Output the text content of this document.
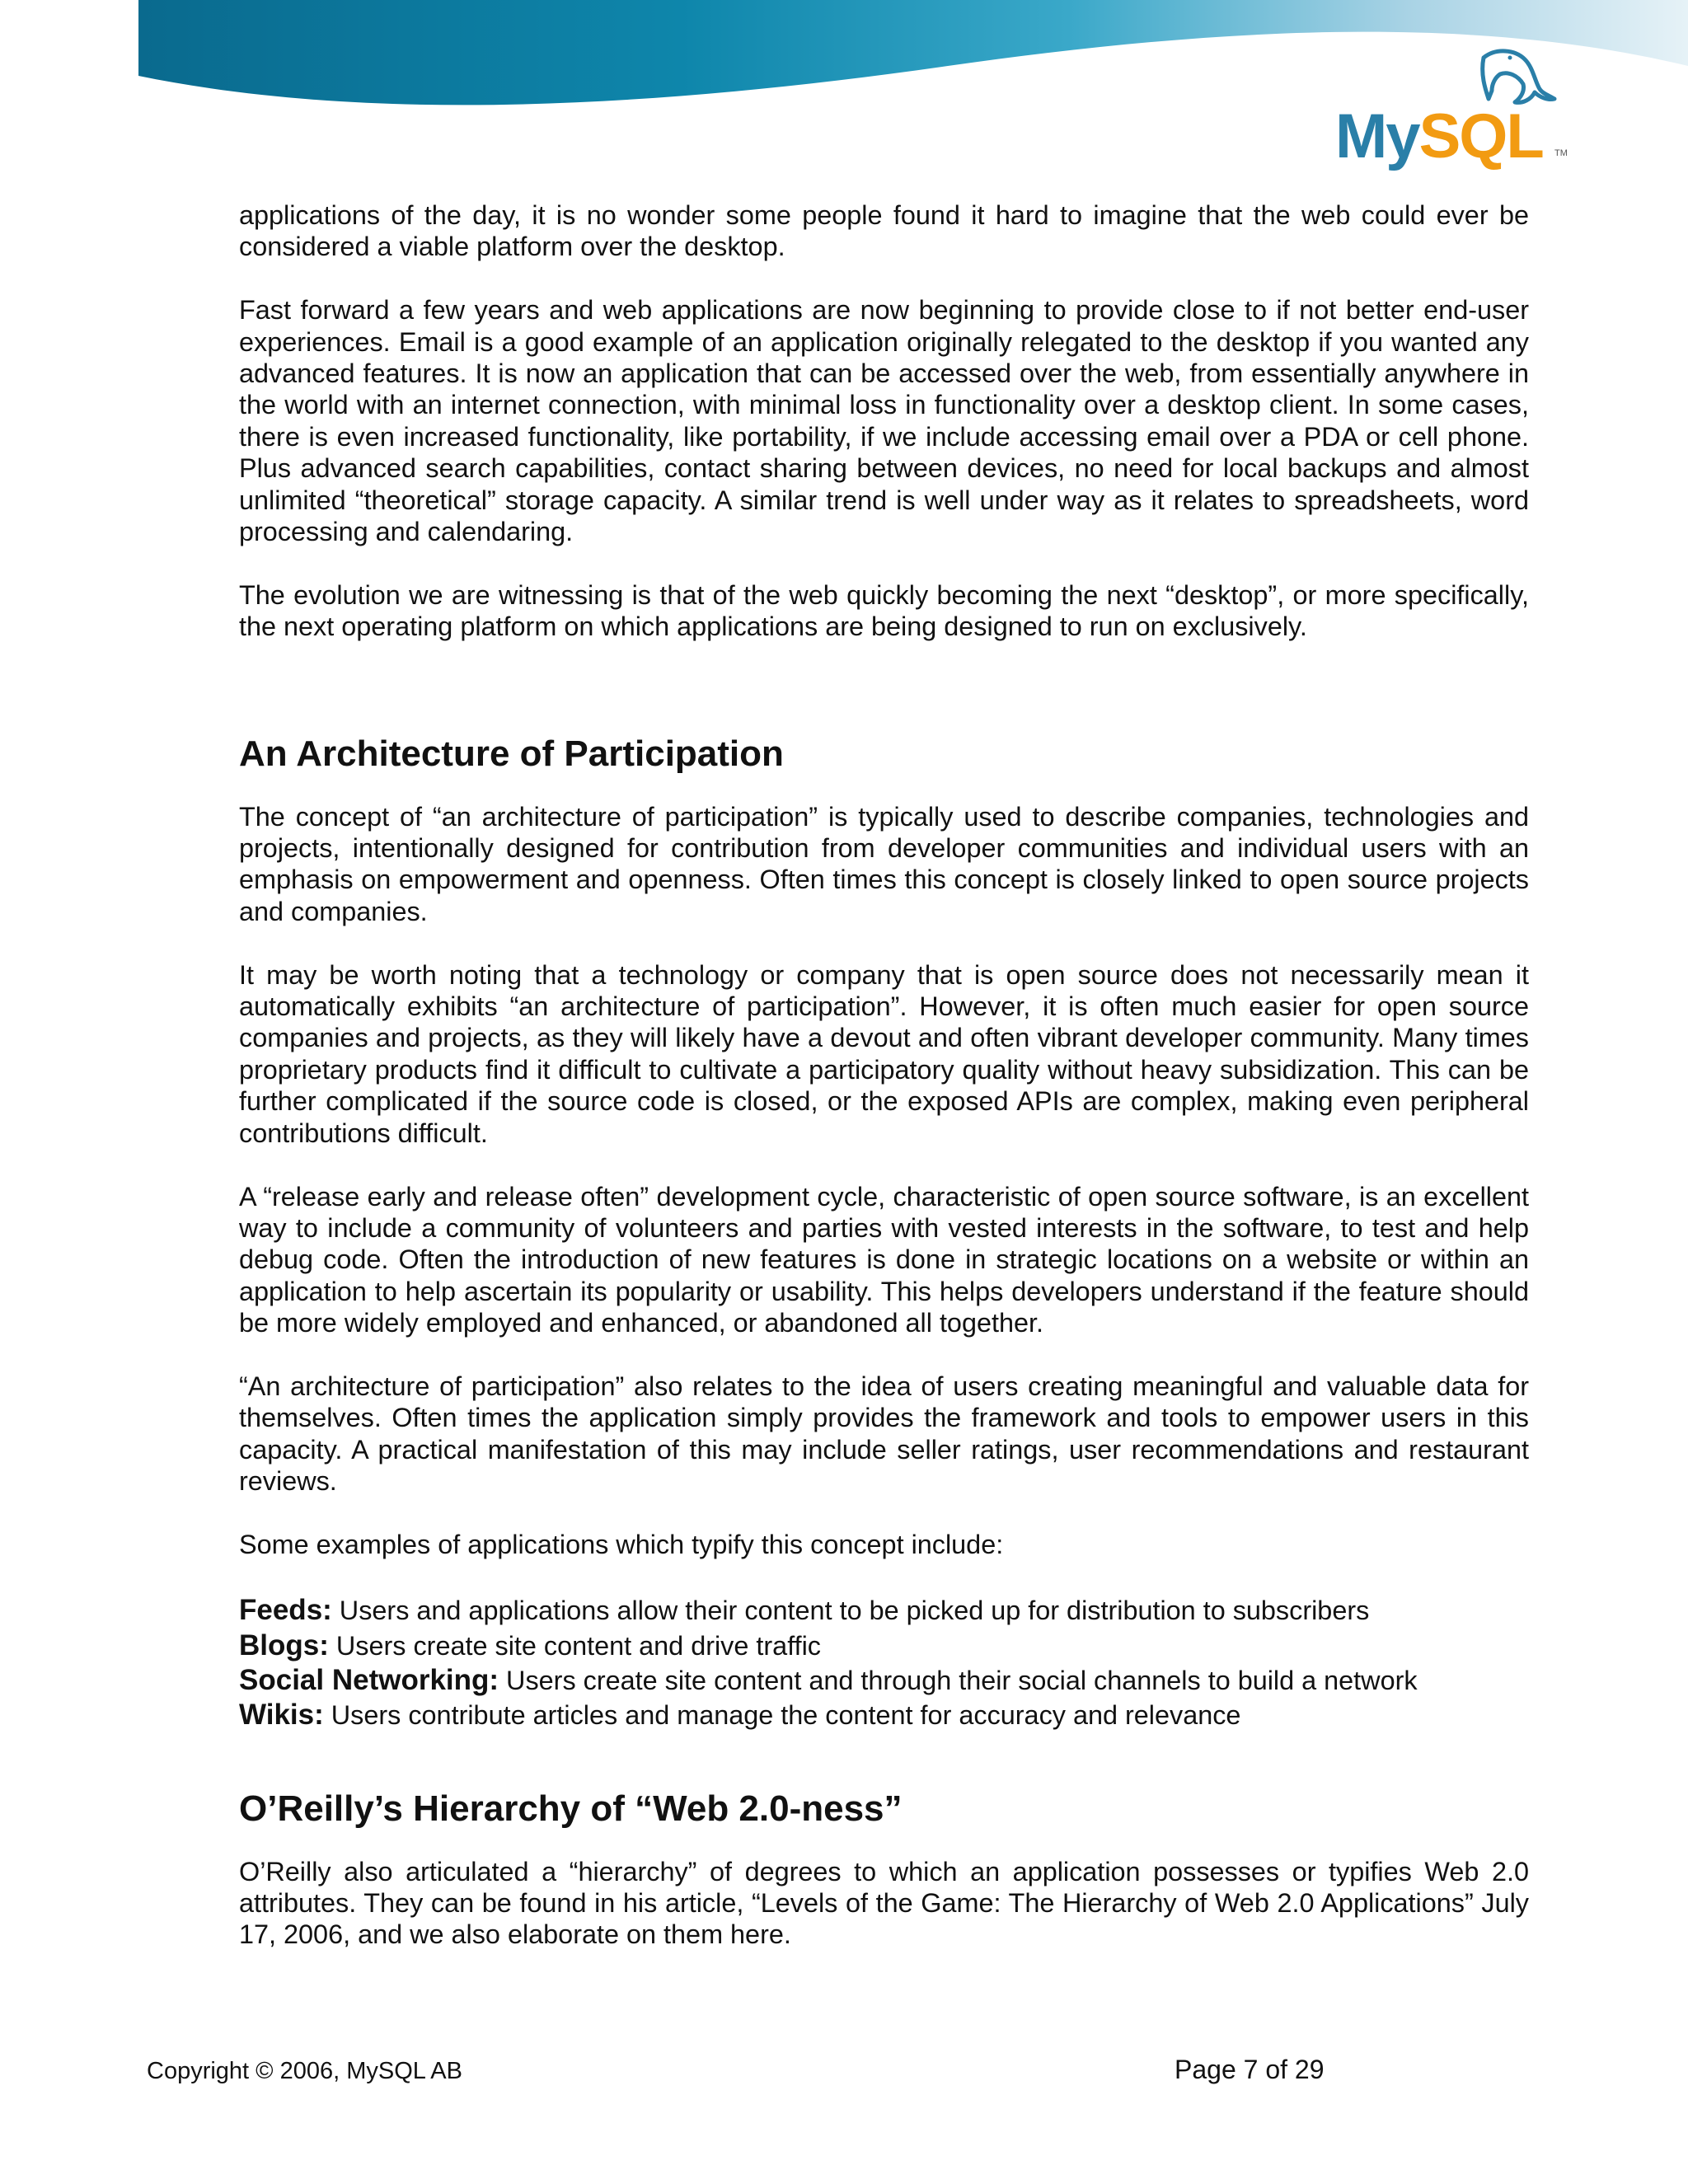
MySQL TM

applications of the day, it is no wonder some people found it hard to imagine that the web could ever be considered a viable platform over the desktop.

Fast forward a few years and web applications are now beginning to provide close to if not better end-user experiences. Email is a good example of an application originally relegated to the desktop if you wanted any advanced features. It is now an application that can be accessed over the web, from essentially anywhere in the world with an internet connection, with minimal loss in functionality over a desktop client. In some cases, there is even increased functionality, like portability, if we include accessing email over a PDA or cell phone. Plus advanced search capabilities, contact sharing between devices, no need for local backups and almost unlimited “theoretical” storage capacity. A similar trend is well under way as it relates to spreadsheets, word processing and calendaring.

The evolution we are witnessing is that of the web quickly becoming the next “desktop”, or more specifically, the next operating platform on which applications are being designed to run on exclusively.

An Architecture of Participation

The concept of “an architecture of participation” is typically used to describe companies, technologies and projects, intentionally designed for contribution from developer communities and individual users with an emphasis on empowerment and openness. Often times this concept is closely linked to open source projects and companies.

It may be worth noting that a technology or company that is open source does not necessarily mean it automatically exhibits “an architecture of participation”. However, it is often much easier for open source companies and projects, as they will likely have a devout and often vibrant developer community. Many times proprietary products find it difficult to cultivate a participatory quality without heavy subsidization. This can be further complicated if the source code is closed, or the exposed APIs are complex, making even peripheral contributions difficult.

A “release early and release often” development cycle, characteristic of open source software, is an excellent way to include a community of volunteers and parties with vested interests in the software, to test and help debug code. Often the introduction of new features is done in strategic locations on a website or within an application to help ascertain its popularity or usability. This helps developers understand if the feature should be more widely employed and enhanced, or abandoned all together.

“An architecture of participation” also relates to the idea of users creating meaningful and valuable data for themselves. Often times the application simply provides the framework and tools to empower users in this capacity. A practical manifestation of this may include seller ratings, user recommendations and restaurant reviews.

Some examples of applications which typify this concept include:

Feeds: Users and applications allow their content to be picked up for distribution to subscribers
Blogs: Users create site content and drive traffic
Social Networking: Users create site content and through their social channels to build a network
Wikis: Users contribute articles and manage the content for accuracy and relevance
O’Reilly’s Hierarchy of “Web 2.0-ness”

O’Reilly also articulated a “hierarchy” of degrees to which an application possesses or typifies Web 2.0 attributes. They can be found in his article, “Levels of the Game: The Hierarchy of Web 2.0 Applications” July 17, 2006, and we also elaborate on them here.

Copyright © 2006, MySQL AB	Page 7 of 29
